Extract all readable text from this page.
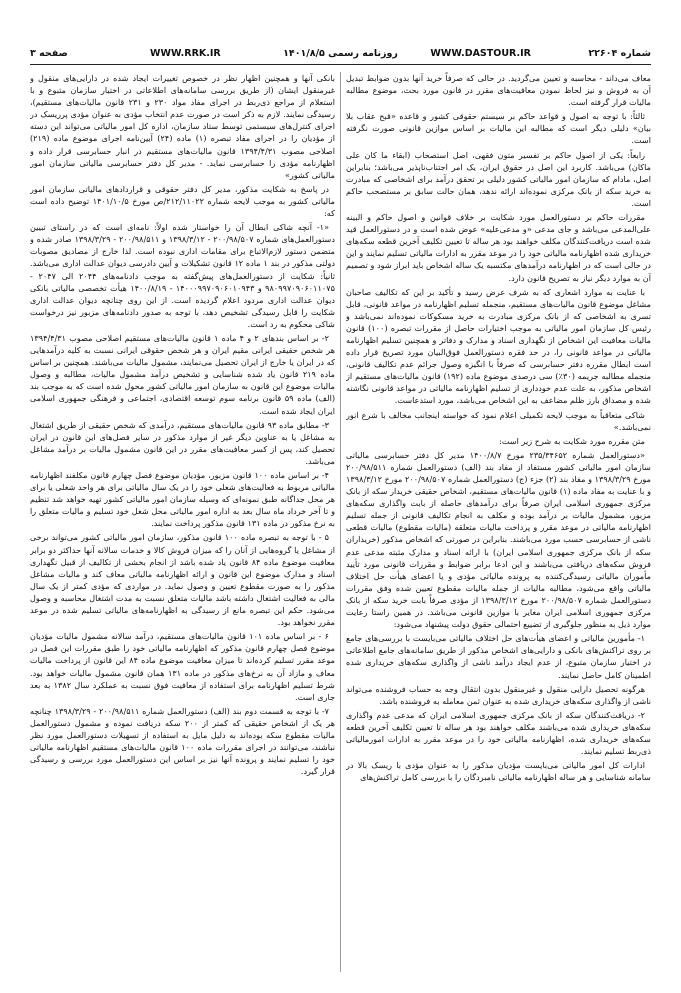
شماره ۲۲۶۰۴
WWW.DASTOUR.IR
روزنامه رسمی ۱۴۰۱/۸/۵
WWW.RRK.IR
صفحه ۳

معاف می‌داند - محاسبه و تعیین می‌گردید. در حالی که صرفاً خرید آنها بدون ضوابط تبدیل آن به فروش و نیز لحاظ نمودن معافیت‌های مقرر در قانون مورد بحث، موضوع مطالبه مالیات قرار گرفته است.

ثالثاً: با توجه به اصول و قواعد حاکم بر سیستم حقوقی کشور و قاعده «قبح عقاب بلا بیان» دلیلی دیگر است که مطالبه این مالیات بر اساس موازین قانونی صورت نگرفته است.

رابعاً: یکی از اصول حاکم بر تفسیر متون فقهی، اصل استصحاب (ابقاء ما کان علی ماکان) می‌باشد. کاربرد این اصل در حقوق ایران، یک امر اجتناب‌ناپذیر می‌باشد؛ بنابراین اصل، مادام که سازمان امور مالیاتی کشور دلیلی بر تحقق درآمد برای اشخاصی که مبادرت به خرید سکه از بانک مرکزی نموده‌اند ارائه ندهد، همان حالت سابق بر مستصحب حاکم است.

مقررات حاکم بر دستورالعمل مورد شکایت بر خلاف قوانین و اصول حاکم و البینه علی‌المدعی می‌باشد و جای مدعی «و مدعی‌علیه» عوض شده است و در دستورالعمل قید شده است دریافت‌کنندگان مکلف خواهند بود هر ساله تا تعیین تکلیف آخرین قطعه سکه‌های خریداری شده اظهارنامه مالیاتی خود را در موعد مقرر به ادارات مالیاتی تسلیم نمایند و این در حالی است که در اظهارنامه درآمدهای مکتسبه یک ساله اشخاص باید ابراز شود و تصمیم آن به موارد دیگر نیاز به تصریح قانون دارد.

با عنایت به موارد اشعاری که به شرف عرض رسید و تأکید بر این که تکالیف صاحبان مشاغل موضوع قانون مالیات‌های مستقیم، منجمله تسلیم اظهارنامه در مواعد قانونی، قابل تسری به اشخاصی که از بانک مرکزی مبادرت به خرید مسکوکات نموده‌اند نمی‌باشد و رئیس کل سازمان امور مالیاتی به موجب اختیارات حاصل از مقررات تبصره (۱۰۰) قانون مالیات معافیت این اشخاص از نگهداری اسناد و مدارک و دفاتر و همچنین تسلیم اظهارنامه مالیاتی در مواعد قانونی را، در حد فقره دستورالعمل فوق‌البیان مورد تصریح قرار داده است ابطال مقرره دفتر حسابرسی که صرفاً با انگیزه وصول جرائم عدم تکالیف قانونی، منجمله مطالبه جریمه (۳۰٪) سی درصدی موضوع ماده (۱۹۲) قانون مالیات‌های مستقیم از اشخاص مذکور، به علت عدم خودداری از تسلیم اظهارنامه مالیاتی در مواعد قانونی نگاشته شده و مصداق بارز ظلم مضاعف به این اشخاص می‌باشد، مورد استدعاست.

شاکی متعاقباً به موجب لایحه تکمیلی اعلام نمود که خواسته اینجانب مخالف با شرع انور نمی‌باشد.»

متن مقرره مورد شکایت به شرح زیر است:

«دستورالعمل شماره ۲۳۵/۳۴۶۵۲ مورخ ۱۴۰۰/۸/۷ مدیر کل دفتر حسابرسی مالیاتی سازمان امور مالیاتی کشور مستفاد از مفاد بند (الف) دستورالعمل شماره ۲۰۰/۹۸/۵۱۱ مورخ ۱۳۹۸/۳/۲۹ و مفاد بند (۲) جزء (ج) دستورالعمل شماره ۲۰۰/۹۸/۵۰۷ مورخ ۱۳۹۸/۳/۱۲ و با عنایت به مفاد ماده (۱) قانون مالیات‌های مستقیم، اشخاص حقیقی خریدار سکه از بانک مرکزی جمهوری اسلامی ایران صرفاً برای درآمدهای حاصله از بابت واگذاری سکه‌های مزبور، مشمول مالیات بر درآمد بوده و مکلف به انجام تکالیف قانونی از جمله تسلیم اظهارنامه مالیاتی در موعد مقرر و پرداخت مالیات متعلقه (مالیات مقطوع) مالیات قطعی ناشی از حسابرسی حسب مورد می‌باشند. بنابراین در صورتی که اشخاص مذکور (خریداران سکه از بانک مرکزی جمهوری اسلامی ایران) با ارائه اسناد و مدارک مثبته مدعی عدم فروش سکه‌های دریافتی می‌باشند و این ادعا برابر ضوابط و مقررات قانونی مورد تأیید مأموران مالیاتی رسیدگی‌کننده به پرونده مالیاتی مؤدی و یا اعضای هیأت حل اختلاف مالیاتی واقع می‌شود، مطالبه مالیات از جمله مالیات مقطوع تعیین شده وفق مقررات دستورالعمل شماره ۲۰۰/۹۸/۵۰۷ مورخ ۱۳۹۸/۳/۱۲ از مؤدی صرفاً بابت خرید سکه از بانک مرکزی جمهوری اسلامی ایران مغایر با موازین قانونی می‌باشد. در همین راستا رعایت موارد ذیل به منظور جلوگیری از تضییع احتمالی حقوق دولت پیشنهاد می‌شود:

۱- مأمورین مالیاتی و اعضای هیأت‌های حل اختلاف مالیاتی می‌بایست با بررسی‌های جامع بر روی تراکنش‌های بانکی و دارایی‌های اشخاص مذکور از طریق سامانه‌های جامع اطلاعاتی در اختیار سازمان متبوع، از عدم ایجاد درآمد ناشی از واگذاری سکه‌های خریداری شده اطمینان کامل حاصل نمایند.

هرگونه تحصیل دارایی منقول و غیرمنقول بدون انتقال وجه به حساب فروشنده می‌تواند ناشی از واگذاری سکه‌های خریداری شده به عنوان ثمن معامله به فروشنده باشد.

۲- دریافت‌کنندگان سکه از بانک مرکزی جمهوری اسلامی ایران که مدعی عدم واگذاری سکه‌های خریداری شده می‌باشند مکلف خواهند بود هر ساله تا تعیین تکلیف آخرین قطعه سکه‌های خریداری شده، اظهارنامه مالیاتی خود را در موعد مقرر به ادارات امورمالیاتی ذی‌ربط تسلیم نمایند.

ادارات کل امور مالیاتی می‌بایست مؤدیان مذکور را به عنوان مؤدی با ریسک بالا در سامانه شناسایی و هر ساله اظهارنامه مالیاتی نامبردگان را با بررسی کامل تراکنش‌های

بانکی آنها و همچنین اظهار نظر در خصوص تغییرات ایجاد شده در دارایی‌های منقول و غیرمنقول ایشان (از طریق بررسی سامانه‌های اطلاعاتی در اختیار سازمان متبوع و با استعلام از مراجع ذی‌ربط در اجرای مفاد مواد ۲۳۰ و ۲۳۱ قانون مالیات‌های مستقیم)، رسیدگی نمایند. لازم به ذکر است در صورت عدم انتخاب مؤدی به عنوان مؤدی پرریسک در اجرای کنترل‌های سیستمی توسط ستاد سازمان، اداره کل امور مالیاتی می‌تواند این دسته از مؤدیان را در اجرای مفاد تبصره (۱) ماده (۲۴) آیین‌نامه اجرای موضوع ماده (۲۱۹) اصلاحی مصوب ۱۳۹۴/۴/۳۱ قانون مالیات‌های مستقیم در انبار حسابرسی قرار داده و اظهارنامه مؤدی را حسابرسی نماید. - مدیر کل دفتر حسابرسی مالیاتی سازمان امور مالیاتی کشور»

در پاسخ به شکایت مذکور، مدیر کل دفتر حقوقی و قراردادهای مالیاتی سازمان امور مالیاتی کشور به موجب لایحه شماره ۲۱۲/۱۱۰۲۲/ص مورخ ۱۴۰۱/۱۰/۵ توضیح داده است که:

«۱- آنچه شاکی ابطال آن را خواستار شده اولاً: نامه‌ای است که در راستای تبیین دستورالعمل‌های شماره ۲۰۰/۹۸/۵۰۷ - ۱۳۹۸/۳/۱۲ و ۲۰۰/۹۸/۵۱۱ - ۱۳۹۸/۳/۲۹ صادر شده و متضمن دستور لازم‌الاتباع برای مقامات اداری نبوده است. لذا خارج از مصادیق مصوبات دولتی مذکور در بند ۱ ماده ۱۲ قانون تشکیلات و آیین دادرسی دیوان عدالت اداری می‌باشد. ثانیاً: شکایت از دستورالعمل‌های پیش‌گفته به موجب دادنامه‌های ۲۰۴۴ الی ۲۰۴۷ - ۹۸۰۹۹۷۰۹۰۶۰۱۱۰۷۵ و ۱۴۰۰۰۹۹۷۰۹۰۶۰۱۰۹۴۳ - ۱۴۰۰/۸/۱۹ هیأت تخصصی مالیاتی بانکی دیوان عدالت اداری مردود اعلام گردیده است. از این روی چنانچه دیوان عدالت اداری شکایت را قابل رسیدگی تشخیص دهد، با توجه به صدور دادنامه‌های مزبور نیز درخواست شاکی محکوم به رد است.

۲- بر اساس بندهای ۲ و ۴ ماده ۱ قانون مالیات‌های مستقیم اصلاحی مصوب ۱۳۹۴/۴/۳۱ هر شخص حقیقی ایرانی مقیم ایران و هر شخص حقوقی ایرانی نسبت به کلیه درآمدهایی که در ایران یا خارج از ایران تحصیل می‌نمایند، مشمول مالیات می‌باشند. همچنین بر اساس ماده ۲۱۹ قانون یاد شده شناسایی و تشخیص درآمد مشمول مالیات، مطالبه و وصول مالیات موضوع این قانون به سازمان امور مالیاتی کشور محول شده است که به موجب بند (الف) ماده ۵۹ قانون برنامه سوم توسعه اقتصادی، اجتماعی و فرهنگی جمهوری اسلامی ایران ایجاد شده است.

۳- مطابق ماده ۹۳ قانون مالیات‌های مستقیم، درآمدی که شخص حقیقی از طریق اشتغال به مشاغل یا به عناوین دیگر غیر از موارد مذکور در سایر فصل‌های این قانون در ایران تحصیل کند، پس از کسر معافیت‌های مقرر در این قانون مشمول مالیات بر درآمد مشاغل می‌باشد.

۴- بر اساس ماده ۱۰۰ قانون مزبور، مؤدیان موضوع فصل چهارم قانون مکلفند اظهارنامه مالیاتی مربوط به فعالیت‌های شغلی خود را در یک سال مالیاتی برای هر واحد شغلی یا برای هر محل جداگانه طبق نمونه‌ای که وسیله سازمان امور مالیاتی کشور تهیه خواهد شد تنظیم و تا آخر خرداد ماه سال بعد به اداره امور مالیاتی محل شغل خود تسلیم و مالیات متعلق را به نرخ مذکور در ماده ۱۳۱ قانون مذکور پرداخت نمایند.

۵ - با توجه به تبصره ماده ۱۰۰ قانون مذکور، سازمان امور مالیاتی کشور می‌تواند برخی از مشاغل یا گروه‌هایی از آنان را که میزان فروش کالا و خدمات سالانه آنها حداکثر دو برابر معافیت موضوع ماده ۸۴ قانون یاد شده باشد از انجام بخشی از تکالیف از قبیل نگهداری اسناد و مدارک موضوع این قانون و ارائه اظهارنامه مالیاتی معاف کند و مالیات مشاغل مذکور را به صورت مقطوع تعیین و وصول نماید. در مواردی که مؤدی کمتر از یک سال مالی به فعالیت اشتغال داشته باشد مالیات متعلق نسبت به مدت اشتغال محاسبه و وصول می‌شود. حکم این تبصره مانع از رسیدگی به اظهارنامه‌های مالیاتی تسلیم شده در موعد مقرر نخواهد بود.

۶ - بر اساس ماده ۱۰۱ قانون مالیات‌های مستقیم، درآمد سالانه مشمول مالیات مؤدیان موضوع فصل چهارم قانون مذکور که اظهارنامه مالیاتی خود را طبق مقررات این فصل در موعد مقرر تسلیم کرده‌اند تا میزان معافیت موضوع ماده ۸۴ این قانون از پرداخت مالیات معاف و مازاد آن به نرخ‌های مذکور در ماده ۱۳۱ همان قانون مشمول مالیات خواهد بود. شرط تسلیم اظهارنامه برای استفاده از معافیت فوق نسبت به عملکرد سال ۱۳۸۲ به بعد جاری است.

۷- با توجه به قسمت دوم بند (الف) دستورالعمل شماره ۲۰۰/۹۸/۵۱۱ - ۱۳۹۸/۳/۲۹ چنانچه هر یک از اشخاص حقیقی که کمتر از ۲۰۰ سکه دریافت نموده و مشمول دستورالعمل مالیات مقطوع سکه بوده‌اند به دلیل مایل به استفاده از تسهیلات دستورالعمل مورد نظر نباشند، می‌توانند در اجرای مقررات ماده ۱۰۰ قانون مالیات‌های مستقیم اظهارنامه مالیاتی خود را تسلیم نمایند و پرونده آنها نیز بر اساس این دستورالعمل مورد بررسی و رسیدگی قرار گیرد.
